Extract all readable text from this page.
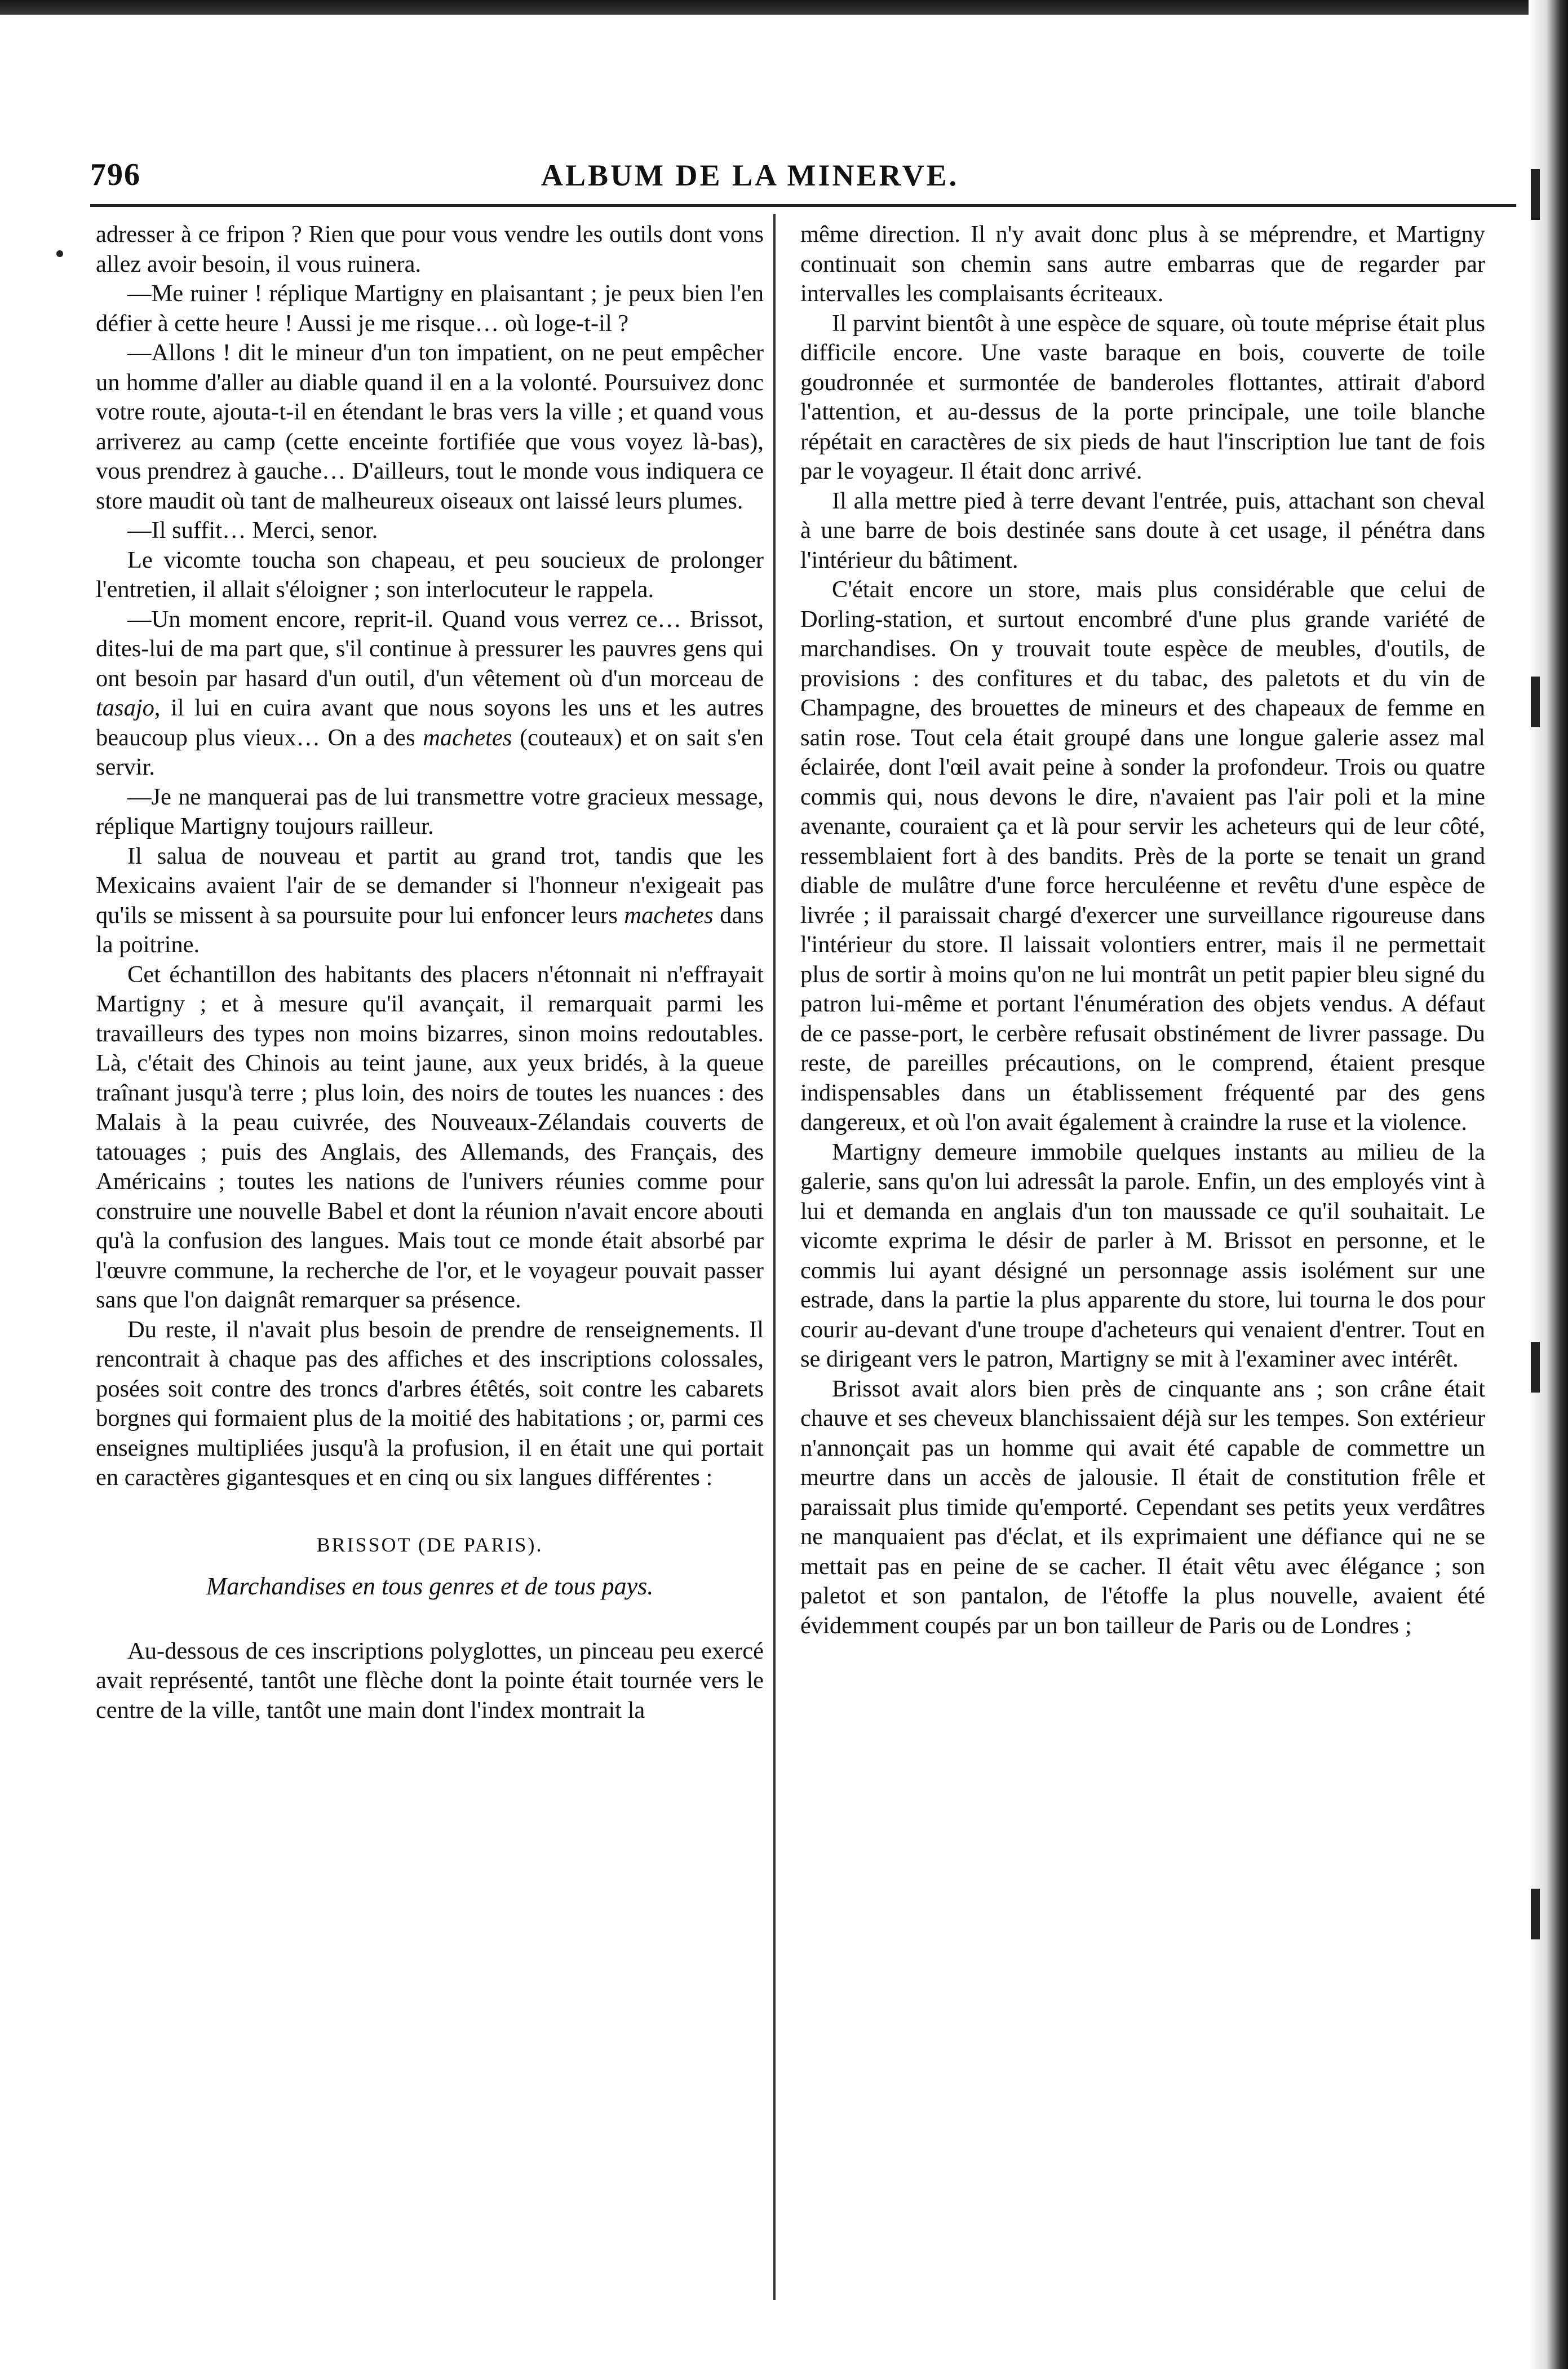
796	ALBUM DE LA MINERVE.

adresser à ce fripon ? Rien que pour vous vendre les outils dont vons allez avoir besoin, il vous ruinera.

—Me ruiner ! réplique Martigny en plaisantant ; je peux bien l'en défier à cette heure ! Aussi je me risque… où loge-t-il ?

—Allons ! dit le mineur d'un ton impatient, on ne peut empêcher un homme d'aller au diable quand il en a la volonté. Poursuivez donc votre route, ajouta-t-il en étendant le bras vers la ville ; et quand vous arriverez au camp (cette enceinte fortifiée que vous voyez là-bas), vous prendrez à gauche… D'ailleurs, tout le monde vous indiquera ce store maudit où tant de malheureux oiseaux ont laissé leurs plumes.

—Il suffit… Merci, senor.

Le vicomte toucha son chapeau, et peu soucieux de prolonger l'entretien, il allait s'éloigner ; son interlocuteur le rappela.

—Un moment encore, reprit-il. Quand vous verrez ce… Brissot, dites-lui de ma part que, s'il continue à pressurer les pauvres gens qui ont besoin par hasard d'un outil, d'un vêtement où d'un morceau de tasajo, il lui en cuira avant que nous soyons les uns et les autres beaucoup plus vieux… On a des machetes (couteaux) et on sait s'en servir.

—Je ne manquerai pas de lui transmettre votre gracieux message, réplique Martigny toujours railleur.

Il salua de nouveau et partit au grand trot, tandis que les Mexicains avaient l'air de se demander si l'honneur n'exigeait pas qu'ils se missent à sa poursuite pour lui enfoncer leurs machetes dans la poitrine.

Cet échantillon des habitants des placers n'étonnait ni n'effrayait Martigny ; et à mesure qu'il avançait, il remarquait parmi les travailleurs des types non moins bizarres, sinon moins redoutables. Là, c'était des Chinois au teint jaune, aux yeux bridés, à la queue traînant jusqu'à terre ; plus loin, des noirs de toutes les nuances : des Malais à la peau cuivrée, des Nouveaux-Zélandais couverts de tatouages ; puis des Anglais, des Allemands, des Français, des Américains ; toutes les nations de l'univers réunies comme pour construire une nouvelle Babel et dont la réunion n'avait encore abouti qu'à la confusion des langues. Mais tout ce monde était absorbé par l'œuvre commune, la recherche de l'or, et le voyageur pouvait passer sans que l'on daignât remarquer sa présence.

Du reste, il n'avait plus besoin de prendre de renseignements. Il rencontrait à chaque pas des affiches et des inscriptions colossales, posées soit contre des troncs d'arbres étêtés, soit contre les cabarets borgnes qui formaient plus de la moitié des habitations ; or, parmi ces enseignes multipliées jusqu'à la profusion, il en était une qui portait en caractères gigantesques et en cinq ou six langues différentes :

BRISSOT (DE PARIS).
Marchandises en tous genres et de tous pays.

Au-dessous de ces inscriptions polyglottes, un pinceau peu exercé avait représenté, tantôt une flèche dont la pointe était tournée vers le centre de la ville, tantôt une main dont l'index montrait la

même direction. Il n'y avait donc plus à se méprendre, et Martigny continuait son chemin sans autre embarras que de regarder par intervalles les complaisants écriteaux.

Il parvint bientôt à une espèce de square, où toute méprise était plus difficile encore. Une vaste baraque en bois, couverte de toile goudronnée et surmontée de banderoles flottantes, attirait d'abord l'attention, et au-dessus de la porte principale, une toile blanche répétait en caractères de six pieds de haut l'inscription lue tant de fois par le voyageur. Il était donc arrivé.

Il alla mettre pied à terre devant l'entrée, puis, attachant son cheval à une barre de bois destinée sans doute à cet usage, il pénétra dans l'intérieur du bâtiment.

C'était encore un store, mais plus considérable que celui de Dorling-station, et surtout encombré d'une plus grande variété de marchandises. On y trouvait toute espèce de meubles, d'outils, de provisions : des confitures et du tabac, des paletots et du vin de Champagne, des brouettes de mineurs et des chapeaux de femme en satin rose. Tout cela était groupé dans une longue galerie assez mal éclairée, dont l'œil avait peine à sonder la profondeur. Trois ou quatre commis qui, nous devons le dire, n'avaient pas l'air poli et la mine avenante, couraient ça et là pour servir les acheteurs qui de leur côté, ressemblaient fort à des bandits. Près de la porte se tenait un grand diable de mulâtre d'une force herculéenne et revêtu d'une espèce de livrée ; il paraissait chargé d'exercer une surveillance rigoureuse dans l'intérieur du store. Il laissait volontiers entrer, mais il ne permettait plus de sortir à moins qu'on ne lui montrât un petit papier bleu signé du patron lui-même et portant l'énumération des objets vendus. A défaut de ce passe-port, le cerbère refusait obstinément de livrer passage. Du reste, de pareilles précautions, on le comprend, étaient presque indispensables dans un établissement fréquenté par des gens dangereux, et où l'on avait également à craindre la ruse et la violence.

Martigny demeure immobile quelques instants au milieu de la galerie, sans qu'on lui adressât la parole. Enfin, un des employés vint à lui et demanda en anglais d'un ton maussade ce qu'il souhaitait. Le vicomte exprima le désir de parler à M. Brissot en personne, et le commis lui ayant désigné un personnage assis isolément sur une estrade, dans la partie la plus apparente du store, lui tourna le dos pour courir au-devant d'une troupe d'acheteurs qui venaient d'entrer. Tout en se dirigeant vers le patron, Martigny se mit à l'examiner avec intérêt.

Brissot avait alors bien près de cinquante ans ; son crâne était chauve et ses cheveux blanchissaient déjà sur les tempes. Son extérieur n'annonçait pas un homme qui avait été capable de commettre un meurtre dans un accès de jalousie. Il était de constitution frêle et paraissait plus timide qu'emporté. Cependant ses petits yeux verdâtres ne manquaient pas d'éclat, et ils exprimaient une défiance qui ne se mettait pas en peine de se cacher. Il était vêtu avec élégance ; son paletot et son pantalon, de l'étoffe la plus nouvelle, avaient été évidemment coupés par un bon tailleur de Paris ou de Londres ;
